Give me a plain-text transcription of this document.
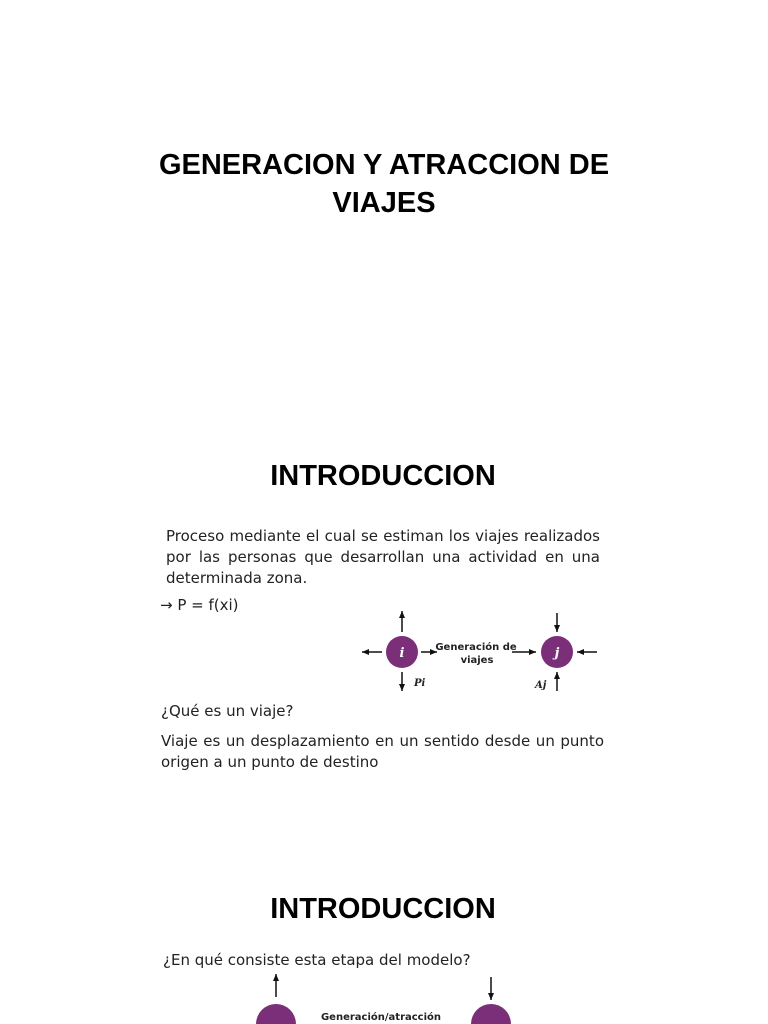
GENERACION Y ATRACCION DE
VIAJES
INTRODUCCION

Proceso mediante el cual se estiman los viajes realizados por las personas que desarrollan una actividad en una determinada zona.

→ P = f(xi)

i
Pi
Generación de
viajes	j
Aj
Generación/atracción

¿Qué es un viaje?

Viaje es un desplazamiento en un sentido desde un punto origen a un punto de destino

INTRODUCCION

¿En qué consiste esta etapa del modelo?
